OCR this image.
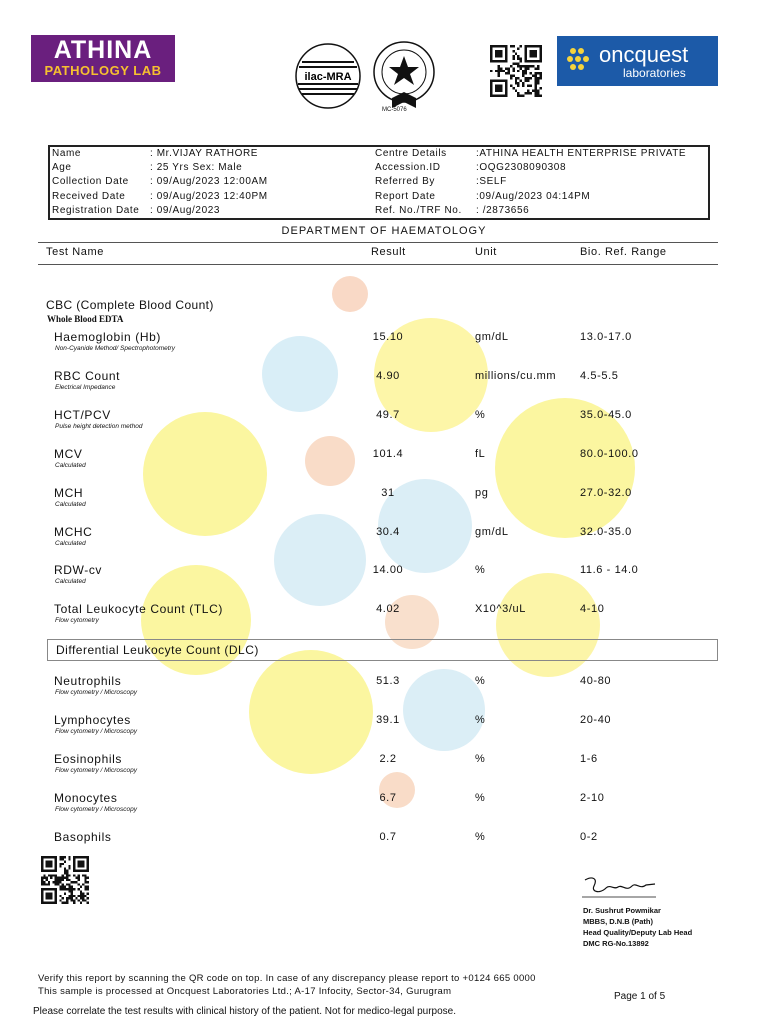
ATHINA
PATHOLOGY LAB	ilac-MRA
MC-5076
oncquest
laboratories
Name	: Mr.VIJAY RATHORE
Age	: 25 Yrs Sex: Male
Collection Date : 09/Aug/2023 12:00AM
Received Date : 09/Aug/2023 12:40PM
Registration Date : 09/Aug/2023
Centre Details	:ATHINA HEALTH ENTERPRISE PRIVATE
Accession.ID	:OQG2308090308
Referred By	:SELF
Report Date	:09/Aug/2023 04:14PM
Ref. No./TRF No. : /2873656
DEPARTMENT OF HAEMATOLOGY
Test Name	Result	Unit	Bio. Ref. Range
CBC (Complete Blood Count)
Whole Blood EDTA
Haemoglobin (Hb)
Non-Cyanide Method/ Spectrophotometry
15.10	gm/dL	13.0-17.0
RBC Count
Electrical Impedance
4.90	millions/cu.mm 4.5-5.5
HCT/PCV
Pulse height detection method
49.7	%	35.0-45.0
MCV
Calculated
101.4	fL	80.0-100.0
MCH
Calculated
31	pg	27.0-32.0
MCHC
Calculated
30.4	gm/dL	32.0-35.0
RDW-cv
Calculated
14.00	%	11.6 - 14.0
Total Leukocyte Count (TLC)
Flow cytometry
4.02	X10^3/uL	4-10
Differential Leukocyte Count (DLC)
Neutrophils
Flow cytometry / Microscopy
51.3	%	40-80
Lymphocytes
Flow cytometry / Microscopy
39.1	%	20-40
Eosinophils
Flow cytometry / Microscopy
2.2	%	1-6
Monocytes
Flow cytometry / Microscopy
6.7	%	2-10
Basophils	0.7	%	0-2
Dr. Sushrut Powmikar
MBBS, D.N.B (Path)
Head Quality/Deputy Lab Head
DMC RG-No.13892
Verify this report by scanning the QR code on top. In case of any discrepancy please report to +0124 665 0000
This sample is processed at Oncquest Laboratories Ltd.; A-17 Infocity, Sector-34, Gurugram	Page 1 of 5
Please correlate the test results with clinical history of the patient. Not for medico-legal purpose.
